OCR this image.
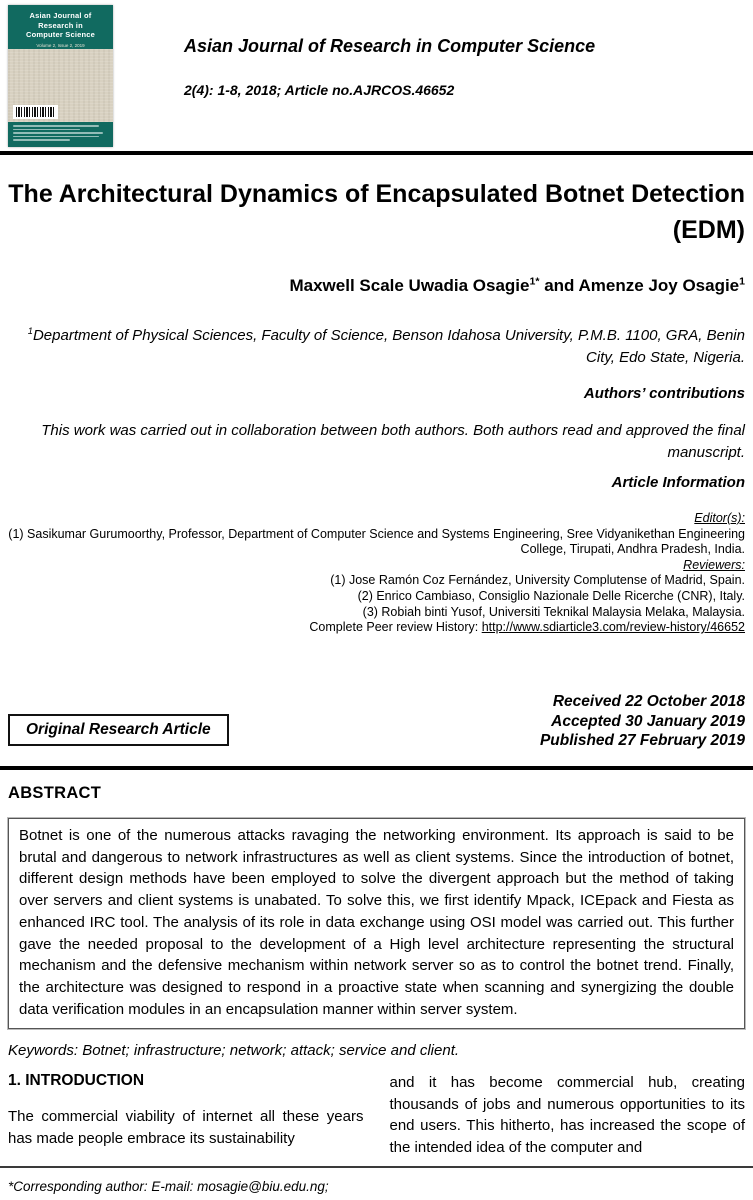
Asian Journal of
Research in
Computer Science
Volume 2, Issue 2, 2019	Asian Journal of Research in Computer Science
2(4): 1-8, 2018; Article no.AJRCOS.46652
The Architectural Dynamics of Encapsulated Botnet Detection (EDM)
Maxwell Scale Uwadia Osagie$^{1*}$ and Amenze Joy Osagie$^1$
$^1$Department of Physical Sciences, Faculty of Science, Benson Idahosa University, P.M.B. 1100, GRA, Benin City, Edo State, Nigeria.
Authors’ contributions
This work was carried out in collaboration between both authors. Both authors read and approved the final manuscript.
Article Information
Editor(s):
(1) Sasikumar Gurumoorthy, Professor, Department of Computer Science and Systems Engineering, Sree Vidyanikethan Engineering College, Tirupati, Andhra Pradesh, India.
Reviewers:
(1) Jose Ramón Coz Fernández, University Complutense of Madrid, Spain.
(2) Enrico Cambiaso, Consiglio Nazionale Delle Ricerche (CNR), Italy.
(3) Robiah binti Yusof, Universiti Teknikal Malaysia Melaka, Malaysia.
Complete Peer review History: http://www.sdiarticle3.com/review-history/46652
Original Research Article
Received 22 October 2018
Accepted 30 January 2019
Published 27 February 2019
ABSTRACT
Botnet is one of the numerous attacks ravaging the networking environment. Its approach is said to be brutal and dangerous to network infrastructures as well as client systems. Since the introduction of botnet, different design methods have been employed to solve the divergent approach but the method of taking over servers and client systems is unabated. To solve this, we first identify Mpack, ICEpack and Fiesta as enhanced IRC tool. The analysis of its role in data exchange using OSI model was carried out. This further gave the needed proposal to the development of a High level architecture representing the structural mechanism and the defensive mechanism within network server so as to control the botnet trend. Finally, the architecture was designed to respond in a proactive state when scanning and synergizing the double data verification modules in an encapsulation manner within server system.
Keywords: Botnet; infrastructure; network; attack; service and client.
1. INTRODUCTION

The commercial viability of internet all these years has made people embrace its sustainability

and it has become commercial hub, creating thousands of jobs and numerous opportunities to its end users. This hitherto, has increased the scope of the intended idea of the computer and

*Corresponding author: E-mail: mosagie@biu.edu.ng;
